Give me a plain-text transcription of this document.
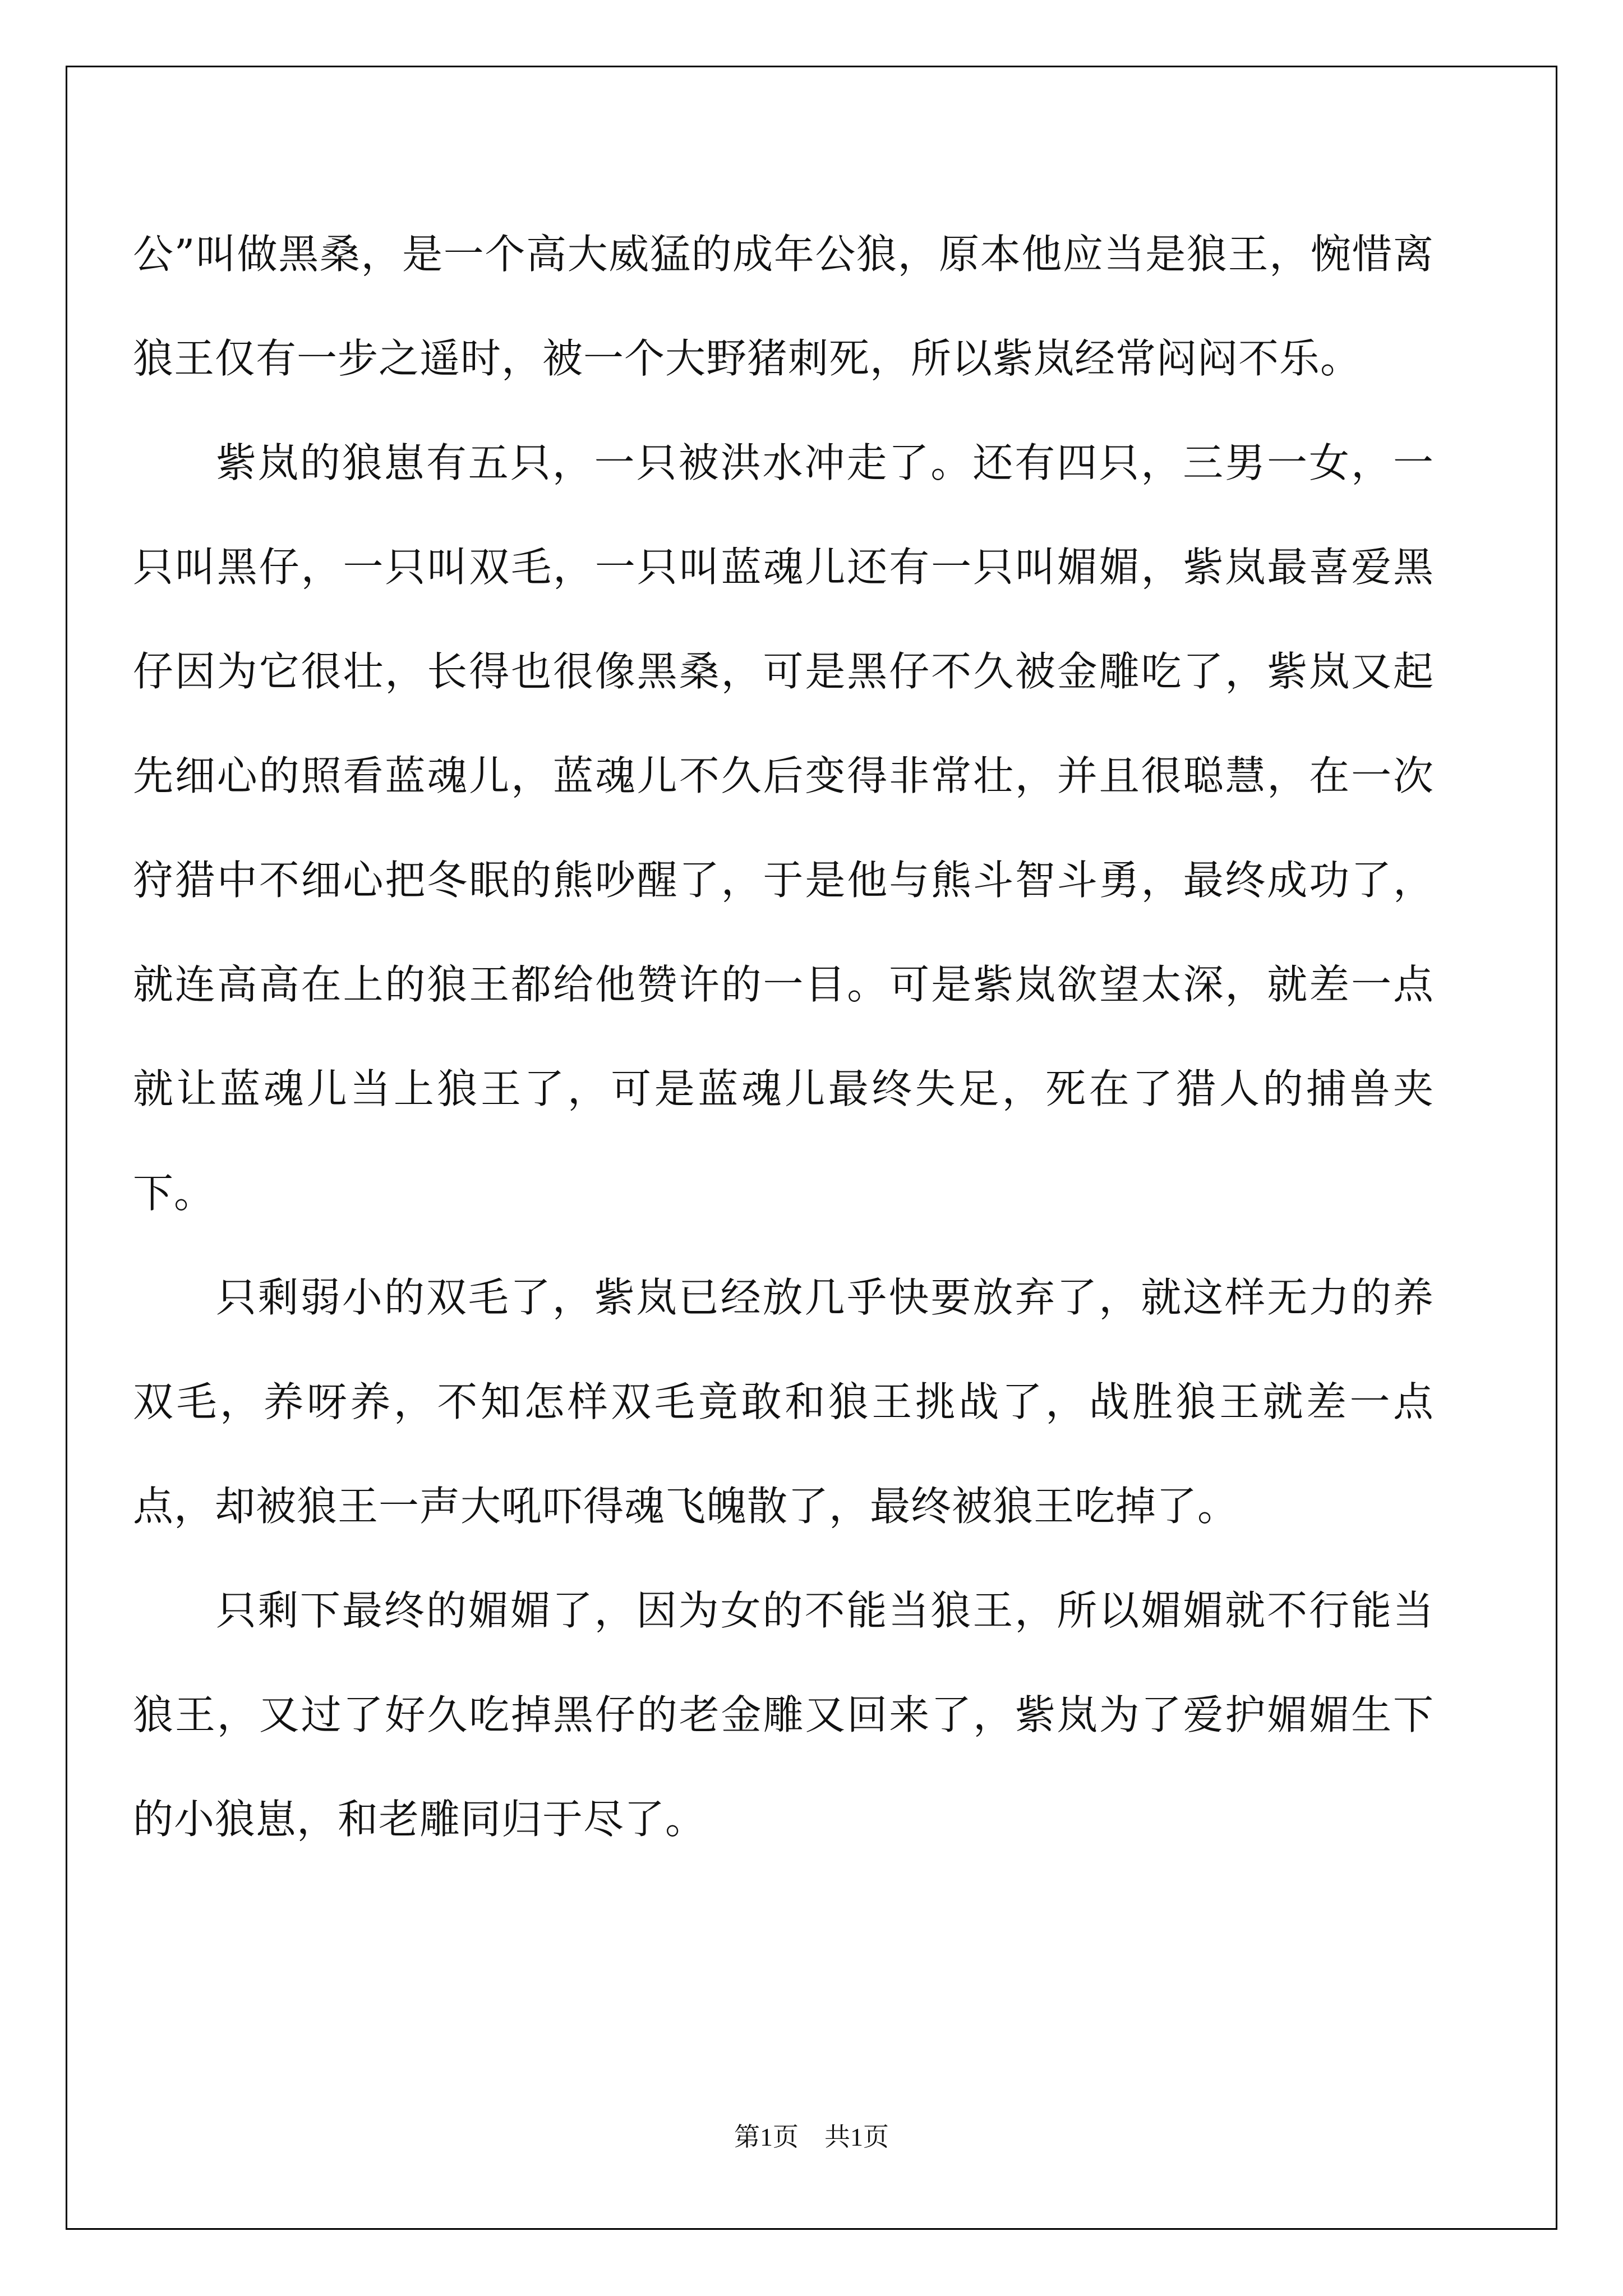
公”叫做黑桑，是一个高大威猛的成年公狼，原本他应当是狼王，惋惜离狼王仅有一步之遥时，被一个大野猪刺死，所以紫岚经常闷闷不乐。

紫岚的狼崽有五只，一只被洪水冲走了。还有四只，三男一女，一只叫黑仔，一只叫双毛，一只叫蓝魂儿还有一只叫媚媚，紫岚最喜爱黑仔因为它很壮，长得也很像黑桑，可是黑仔不久被金雕吃了，紫岚又起先细心的照看蓝魂儿，蓝魂儿不久后变得非常壮，并且很聪慧，在一次狩猎中不细心把冬眠的熊吵醒了，于是他与熊斗智斗勇，最终成功了，就连高高在上的狼王都给他赞许的一目。可是紫岚欲望太深，就差一点就让蓝魂儿当上狼王了，可是蓝魂儿最终失足，死在了猎人的捕兽夹下。

只剩弱小的双毛了，紫岚已经放几乎快要放弃了，就这样无力的养双毛，养呀养，不知怎样双毛竟敢和狼王挑战了，战胜狼王就差一点点，却被狼王一声大吼吓得魂飞魄散了，最终被狼王吃掉了。

只剩下最终的媚媚了，因为女的不能当狼王，所以媚媚就不行能当狼王，又过了好久吃掉黑仔的老金雕又回来了，紫岚为了爱护媚媚生下的小狼崽，和老雕同归于尽了。

第1页　共1页
